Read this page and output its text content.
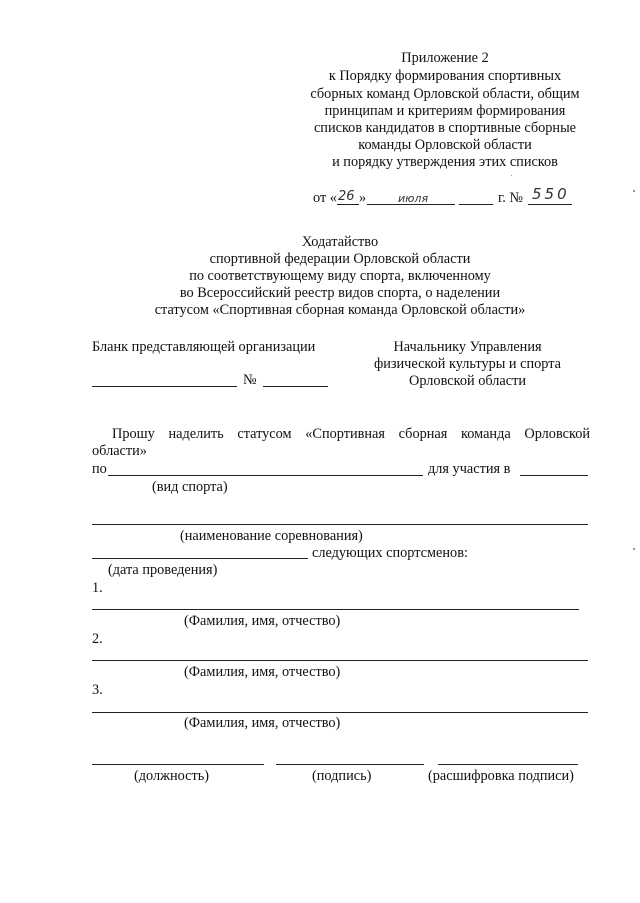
Приложение 2
к Порядку формирования спортивных
сборных команд Орловской области, общим
принципам и критериям формирования
списков кандидатов в спортивные сборные
команды Орловской области
и порядку утверждения этих списков
от « 26 »	июля	г. № 550
Ходатайство
спортивной федерации Орловской области
по соответствующему виду спорта, включенному
во Всероссийский реестр видов спорта, о наделении
статусом «Спортивная сборная команда Орловской области»
Бланк представляющей организации
№
Начальнику Управления
физической культуры и спорта
Орловской области
Прошу наделить статусом «Спортивная сборная команда Орловской
области»
по	для участия в
(вид спорта)
(наименование соревнования)
следующих спортсменов:
(дата проведения)
1.
(Фамилия, имя, отчество)
2.
(Фамилия, имя, отчество)
3.
(Фамилия, имя, отчество)
(должность)	(подпись)	(расшифровка подписи)
